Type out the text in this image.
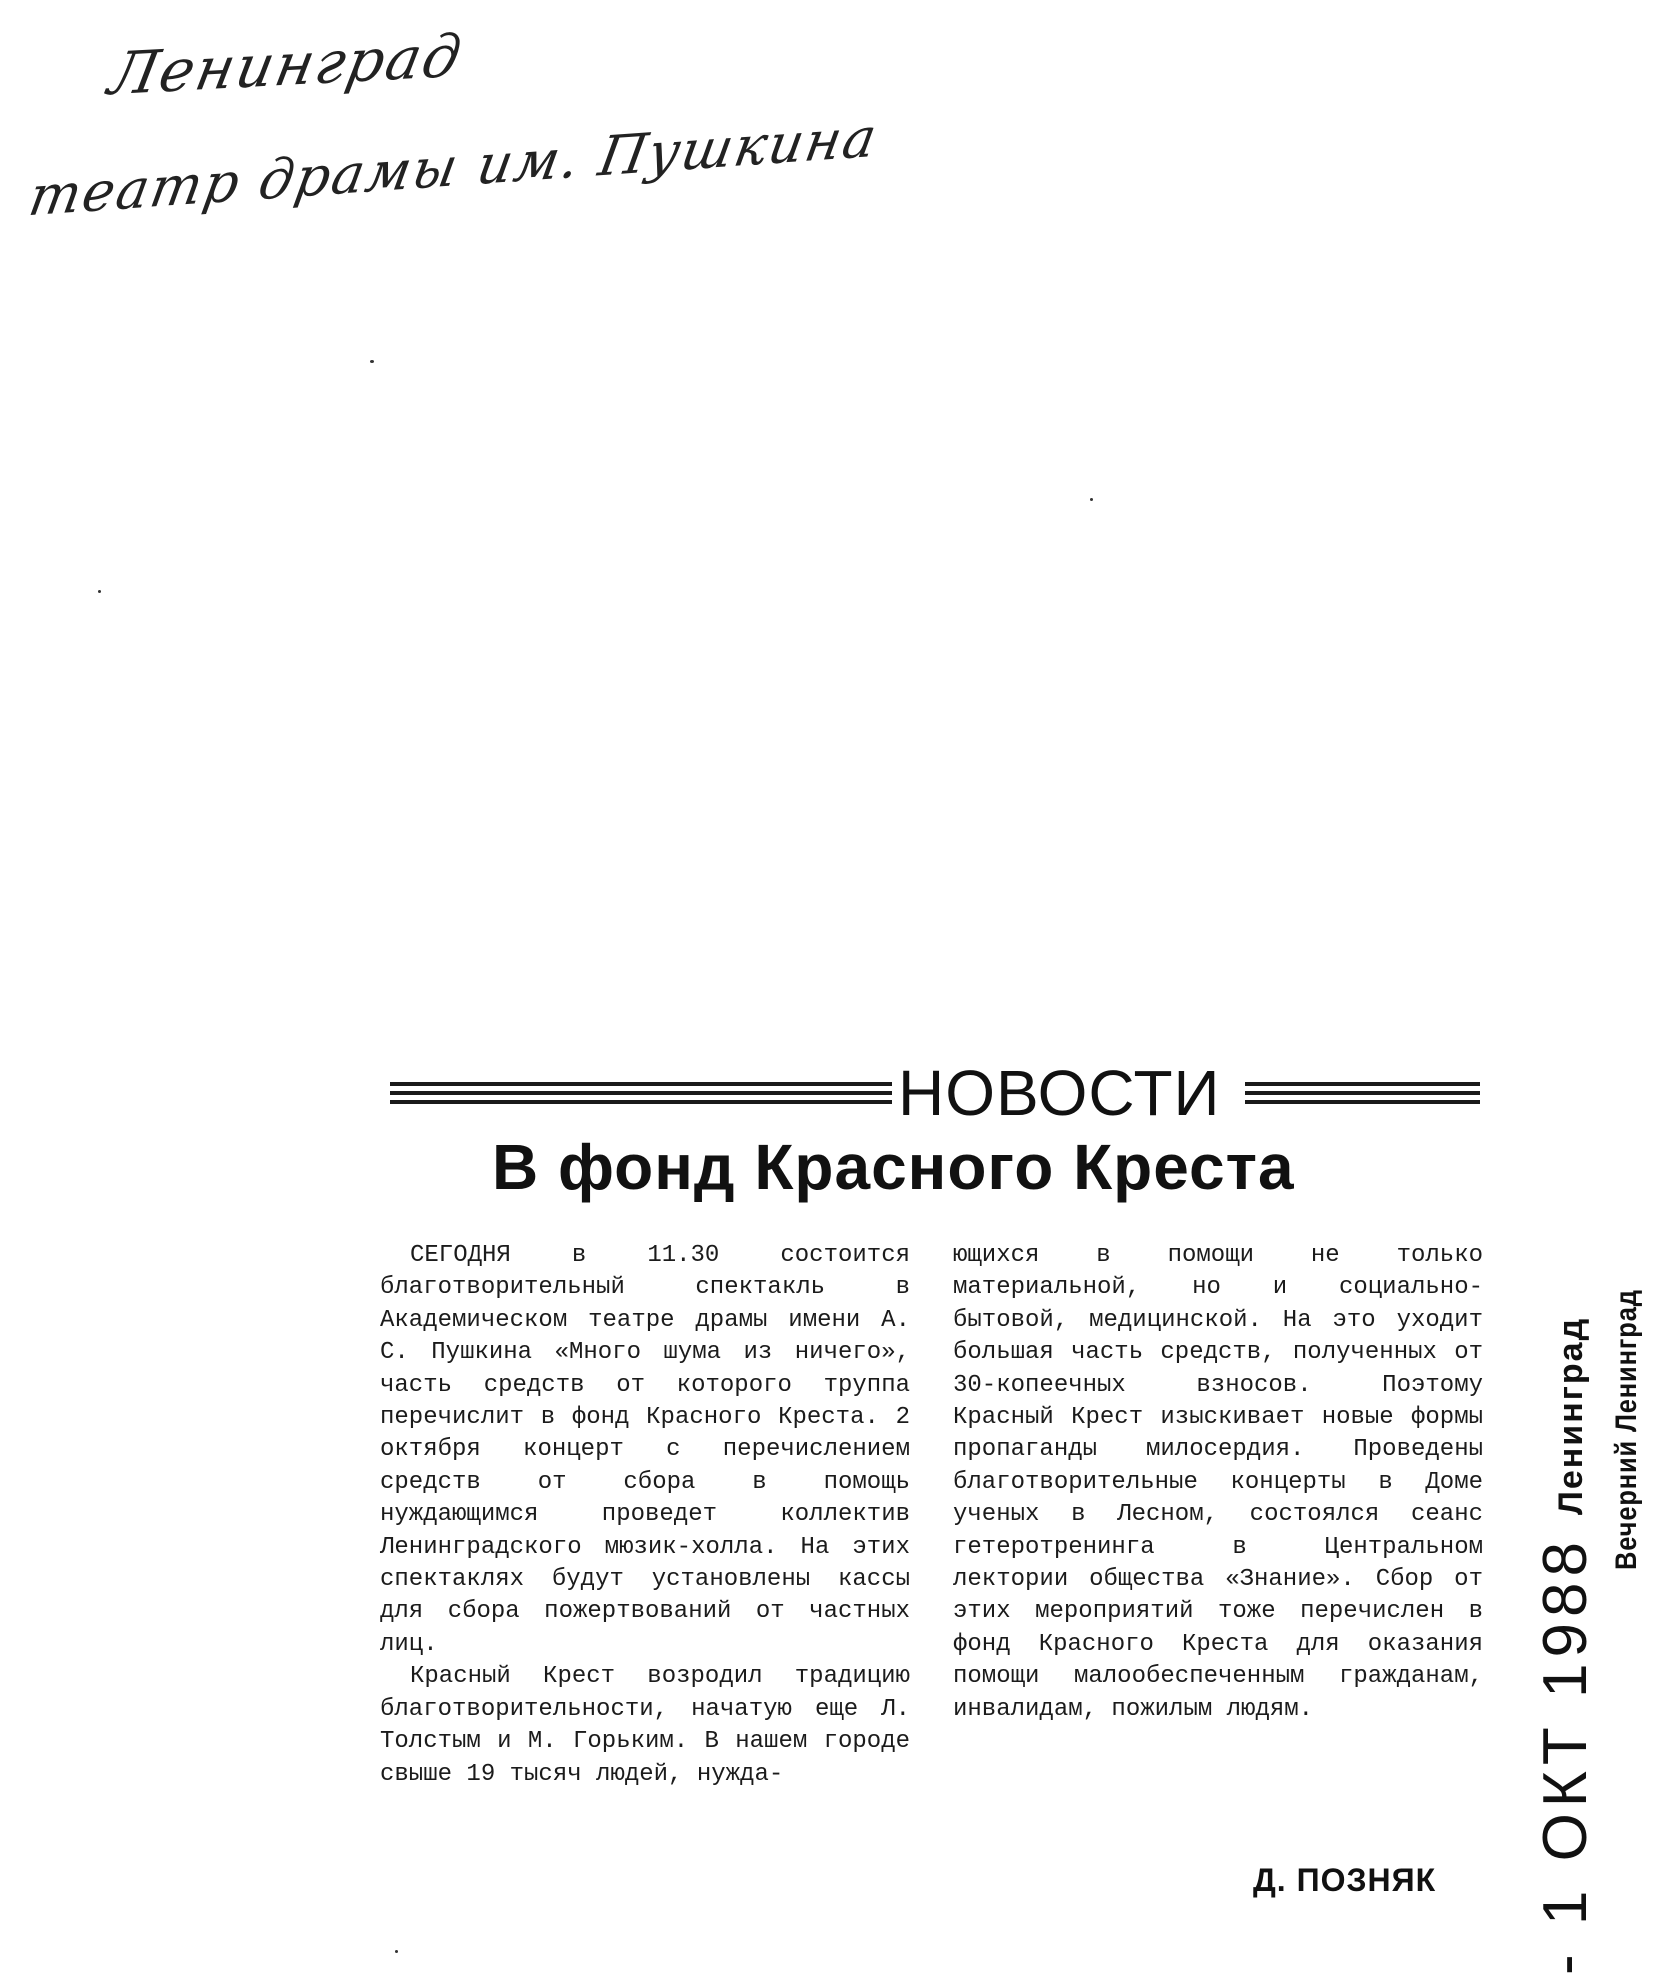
Ленинград
театр драмы им. Пушкина
НОВОСТИ
В фонд Красного Креста

СЕГОДНЯ в 11.30 состоится благотворительный спектакль в Академическом театре драмы имени А. С. Пушкина «Много шума из ничего», часть средств от которого труппа перечислит в фонд Красного Креста. 2 октября концерт с перечислением средств от сбора в помощь нуждающимся проведет коллектив Ленинградского мюзик-холла. На этих спектаклях будут установлены кассы для сбора пожертвований от частных лиц.

Красный Крест возродил традицию благотворительности, начатую еще Л. Толстым и М. Горьким. В нашем городе свыше 19 тысяч людей, нужда-

ющихся в помощи не только материальной, но и социально-бытовой, медицинской. На это уходит большая часть средств, полученных от 30-копеечных взносов. Поэтому Красный Крест изыскивает новые формы пропаганды милосердия. Проведены благотворительные концерты в Доме ученых в Лесном, состоялся сеанс гетеротренинга в Центральном лектории общества «Знание». Сбор от этих мероприятий тоже перечислен в фонд Красного Креста для оказания помощи малообеспеченным гражданам, инвалидам, пожилым людям.

Д. ПОЗНЯК - 1 ОКТ 1988
Ленинград Вечерний Ленинград
